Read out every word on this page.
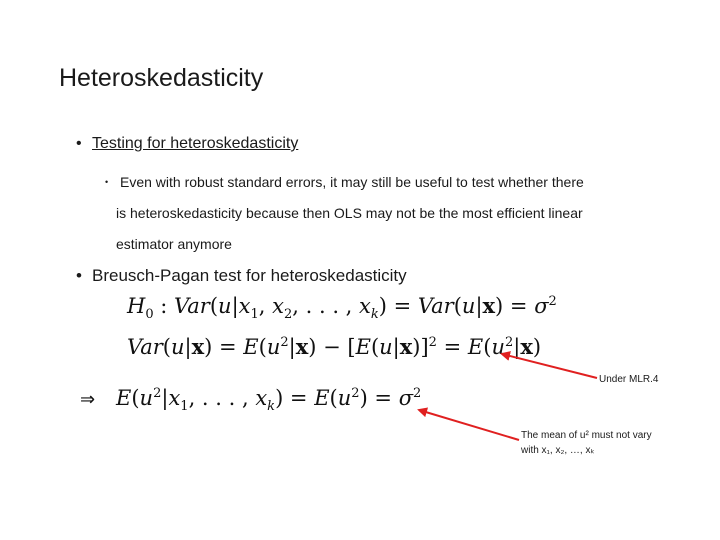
Heteroskedasticity
• Testing for heteroskedasticity
• Even with robust standard errors, it may still be useful to test whether there
is heteroskedasticity because then OLS may not be the most efficient linear
estimator anymore
• Breusch-Pagan test for heteroskedasticity
$H_0$ : $Var(u|x_1$, $x_2$, . . . , $x_k) = Var(u|x) = \sigma^2$
$Var(u|x) = E(u^2|x) - [E(u|x)]^2 = E(u^2|x)$
⇒ $E(u^2|x_1$, . . . , $x_k) = E(u^2) = \sigma^2$
Under MLR.4
The mean of u² must not vary
with x₁, x₂, …, xₖ
